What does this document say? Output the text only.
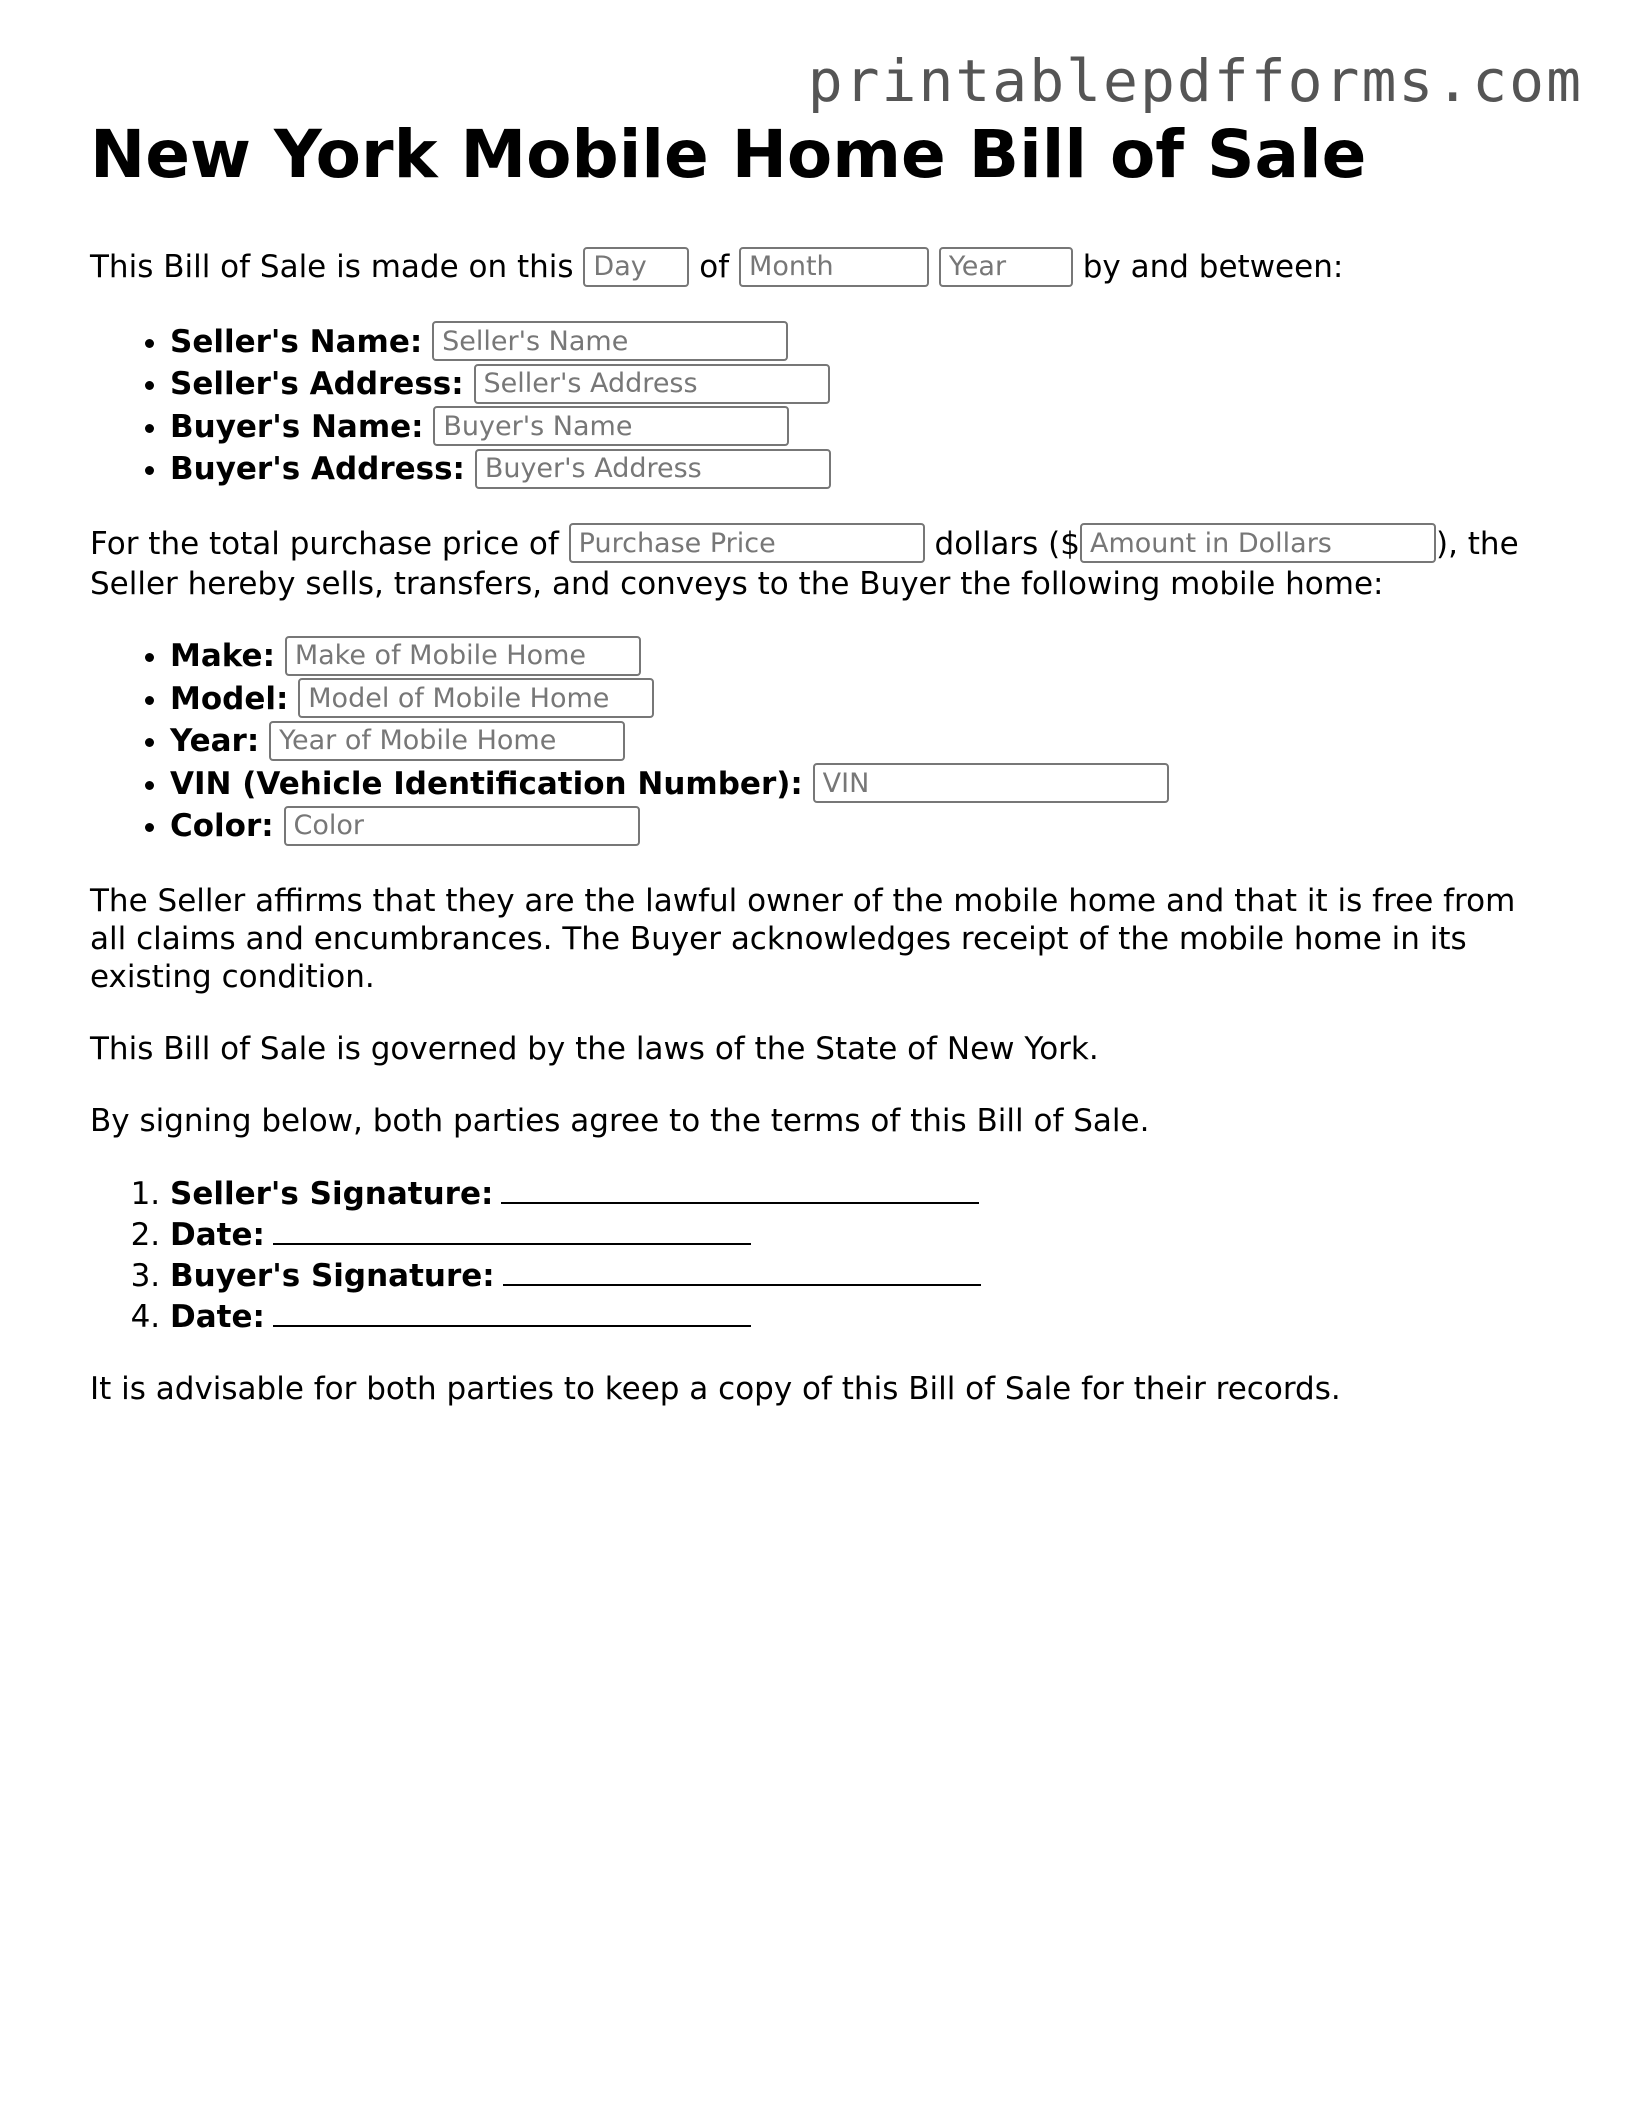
printablepdfforms.com
New York Mobile Home Bill of Sale

This Bill of Sale is made on this Day	of Month Year	by and between:

• Seller's Name: Seller's Name
• Seller's Address: Seller's Address
• Buyer's Name: Buyer's Name
• Buyer's Address: Buyer's Address

For the total purchase price of Purchase Price	dollars ($Amount in Dollars	), the Seller hereby sells, transfers, and conveys to the Buyer the following mobile home:

• Make: Make of Mobile Home
• Model: Model of Mobile Home
• Year: Year of Mobile Home
• VIN (Vehicle Identification Number): VIN
• Color: Color

The Seller affirms that they are the lawful owner of the mobile home and that it is free from all claims and encumbrances. The Buyer acknowledges receipt of the mobile home in its existing condition.

This Bill of Sale is governed by the laws of the State of New York.

By signing below, both parties agree to the terms of this Bill of Sale.

1. Seller's Signature:
2. Date:
3. Buyer's Signature:
4. Date:

It is advisable for both parties to keep a copy of this Bill of Sale for their records.
